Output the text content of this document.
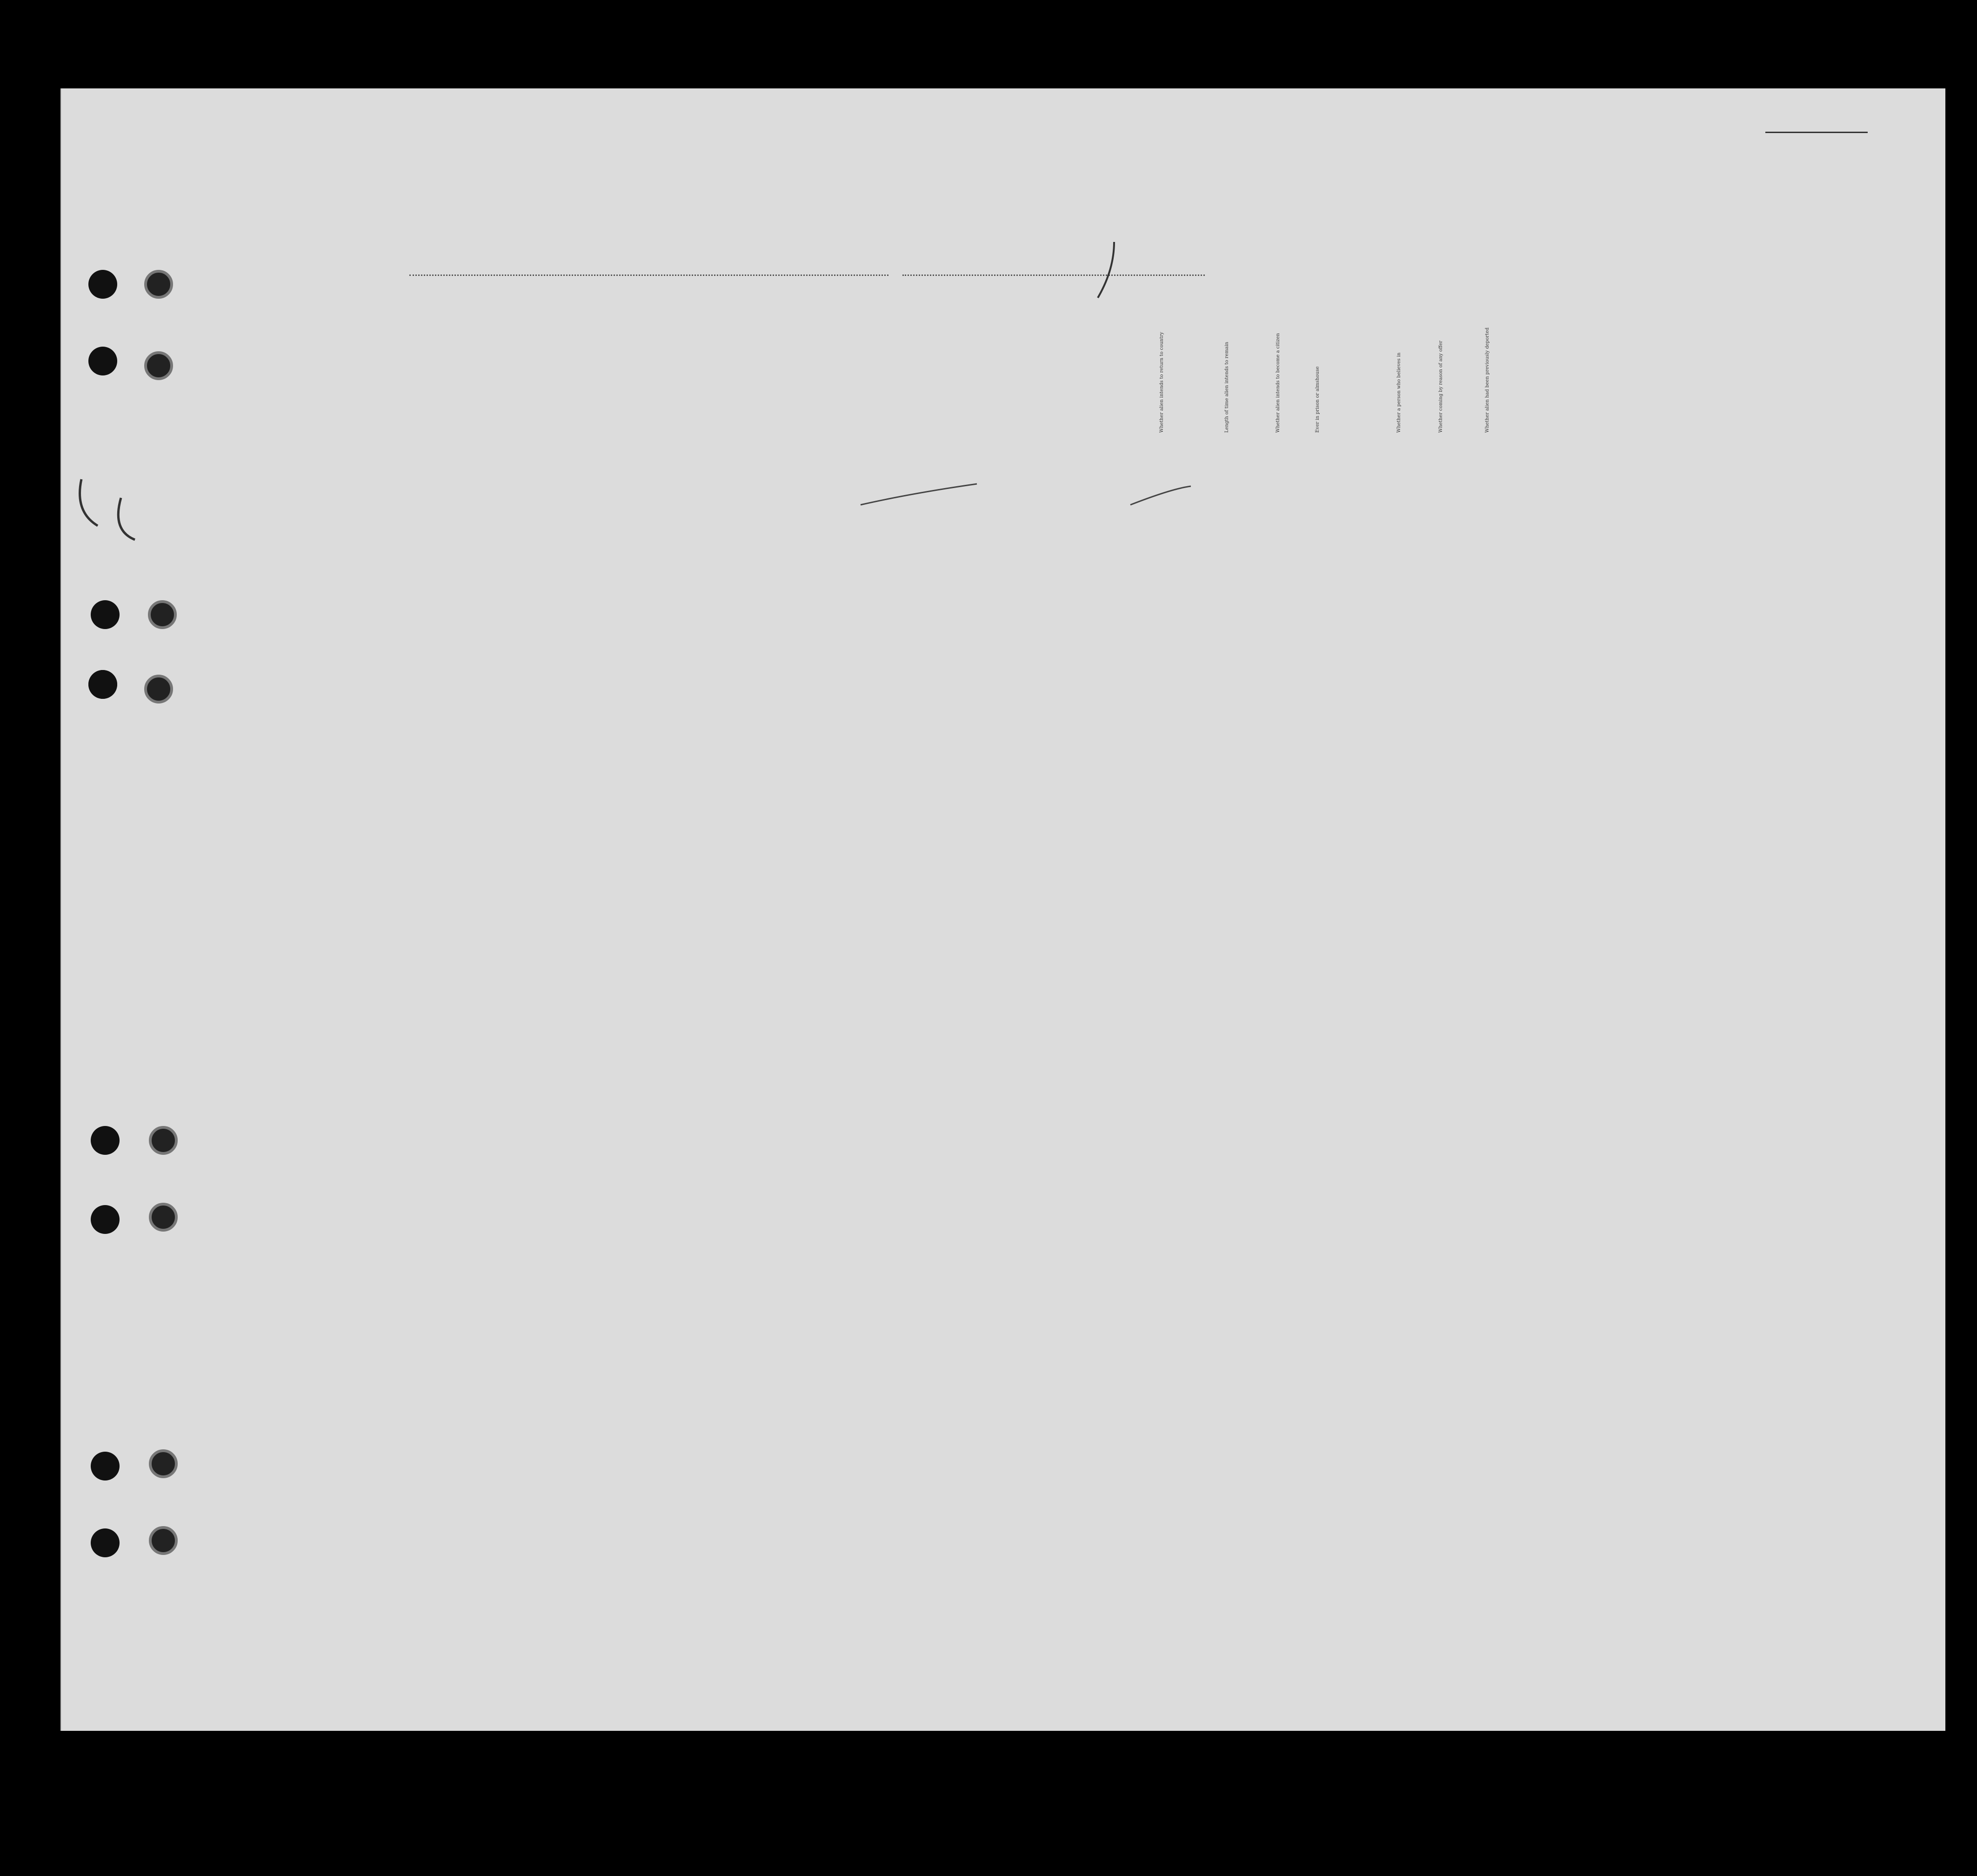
Whether alien intends to return to country	Length of time alien intends to remain	Whether alien intends to become a citizen	Ever in prison or almshouse	Whether a person who believes in	Whether coming by reason of any offer	Whether alien had been previously deported
